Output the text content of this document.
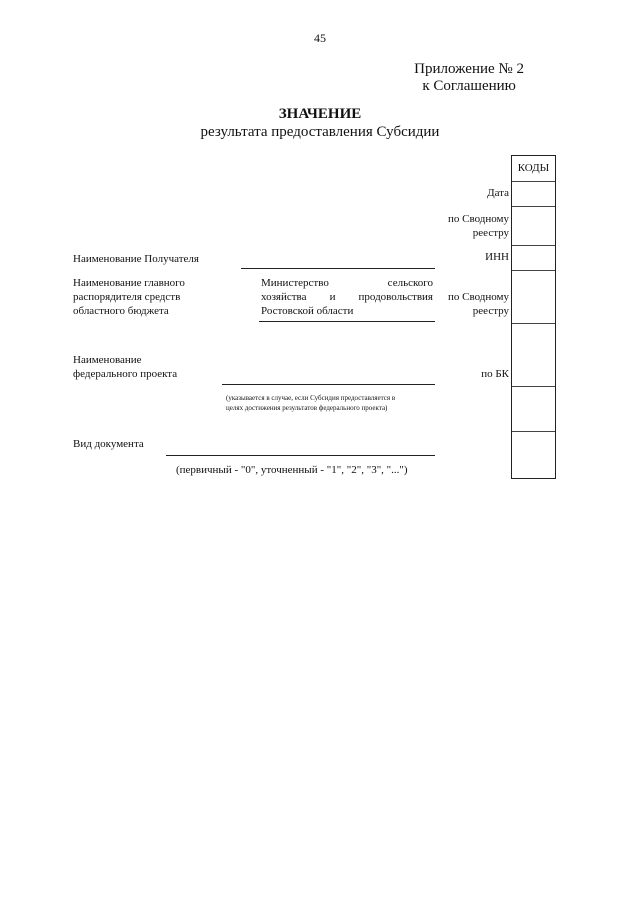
45
Приложение № 2
к Соглашению
ЗНАЧЕНИЕ
результата предоставления Субсидии
КОДЫ
Дата
по Сводному
реестру
ИНН
по Сводному
реестру
по БК
Наименование Получателя
Наименование главного
распорядителя средств
областного бюджета
Министерство сельского
хозяйства и продовольствия
Ростовской области
Наименование
федерального проекта
(указывается в случае, если Субсидия предоставляется в
целях достижения результатов федерального проекта)
Вид документа
(первичный - "0", уточненный - "1", "2", "3", "...")
